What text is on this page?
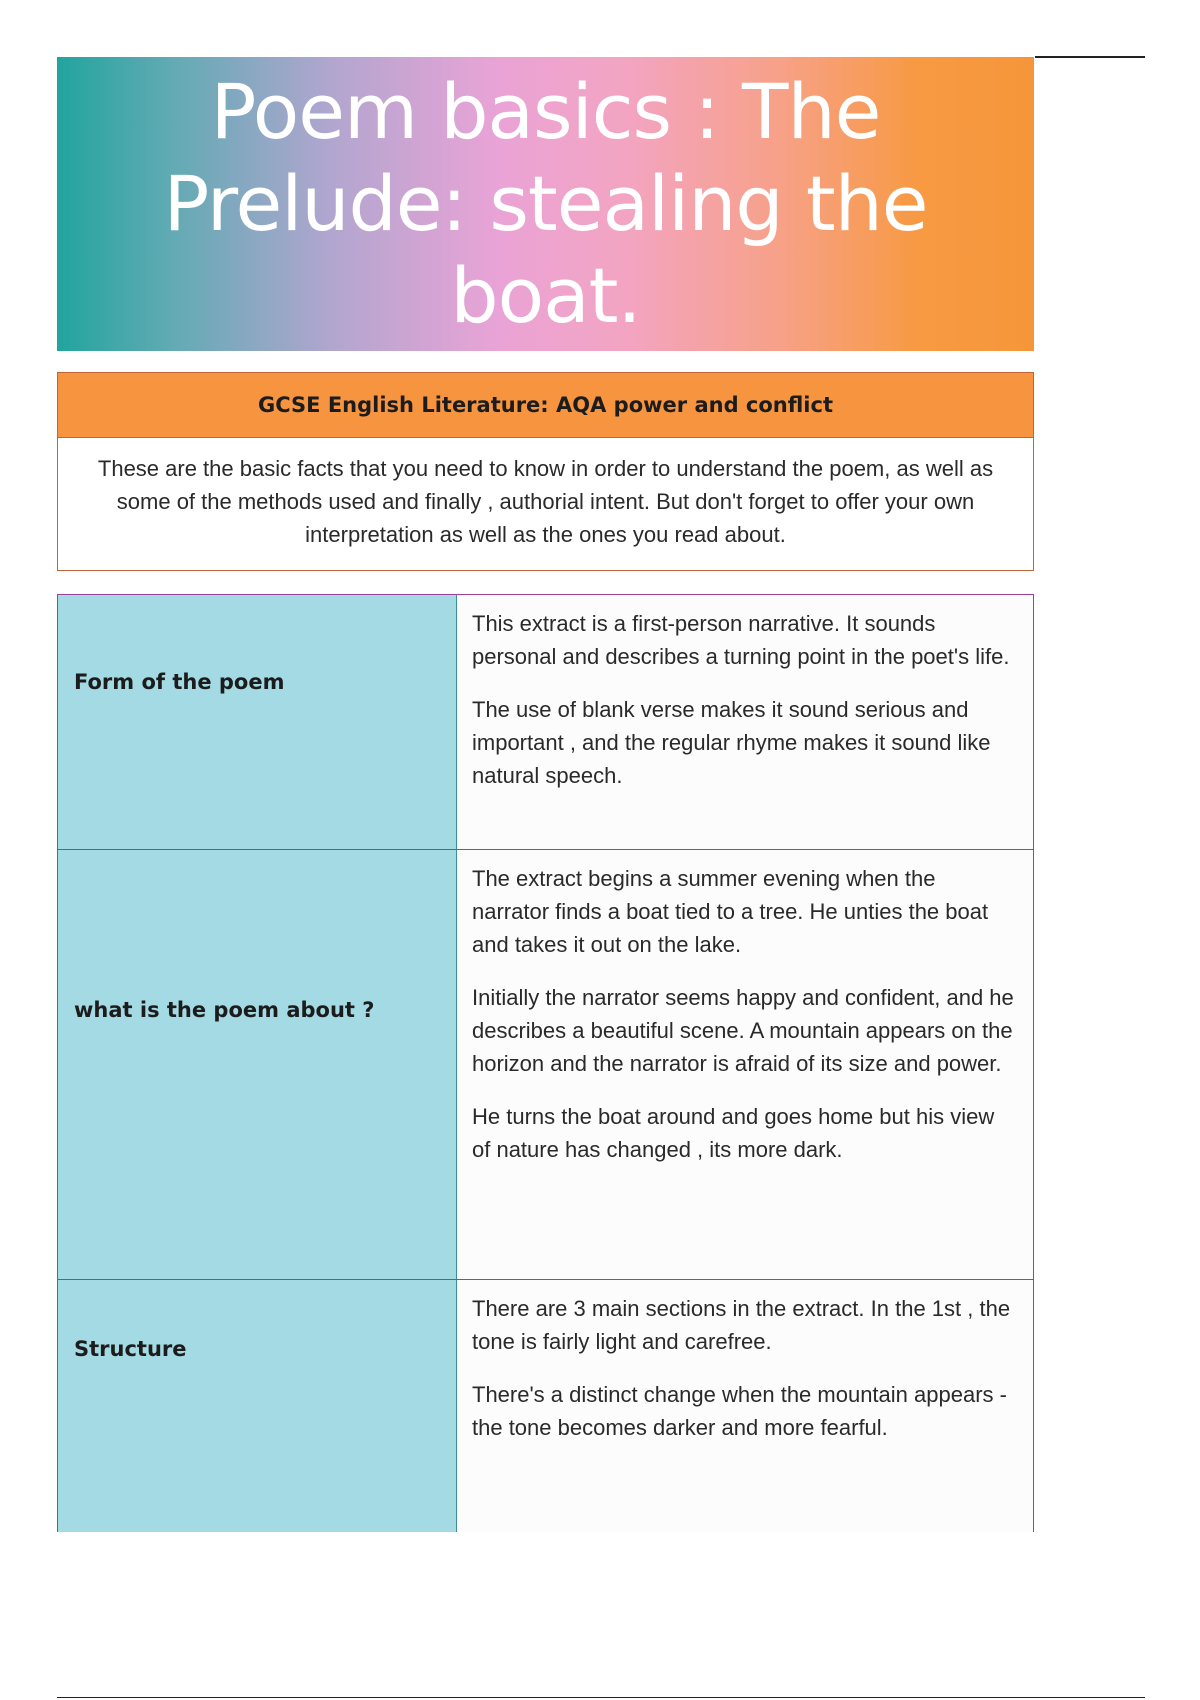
Poem basics : The Prelude: stealing the boat.
GCSE English Literature: AQA power and conflict
These are the basic facts that you need to know in order to understand the poem, as well as some of the methods used and finally , authorial intent. But don't forget to offer your own interpretation as well as the ones you read about.
Form of the poem

This extract is a first-person narrative. It sounds personal and describes a turning point in the poet's life.

The use of blank verse makes it sound serious and important , and the regular rhyme makes it sound like natural speech.

what is the poem about ?

The extract begins a summer evening when the narrator finds a boat tied to a tree. He unties the boat and takes it out on the lake.

Initially the narrator seems happy and confident, and he describes a beautiful scene. A mountain appears on the horizon and the narrator is afraid of its size and power.

He turns the boat around and goes home but his view of nature has changed , its more dark.

Structure

There are 3 main sections in the extract. In the 1st , the tone is fairly light and carefree.

There's a distinct change when the mountain appears - the tone becomes darker and more fearful.
